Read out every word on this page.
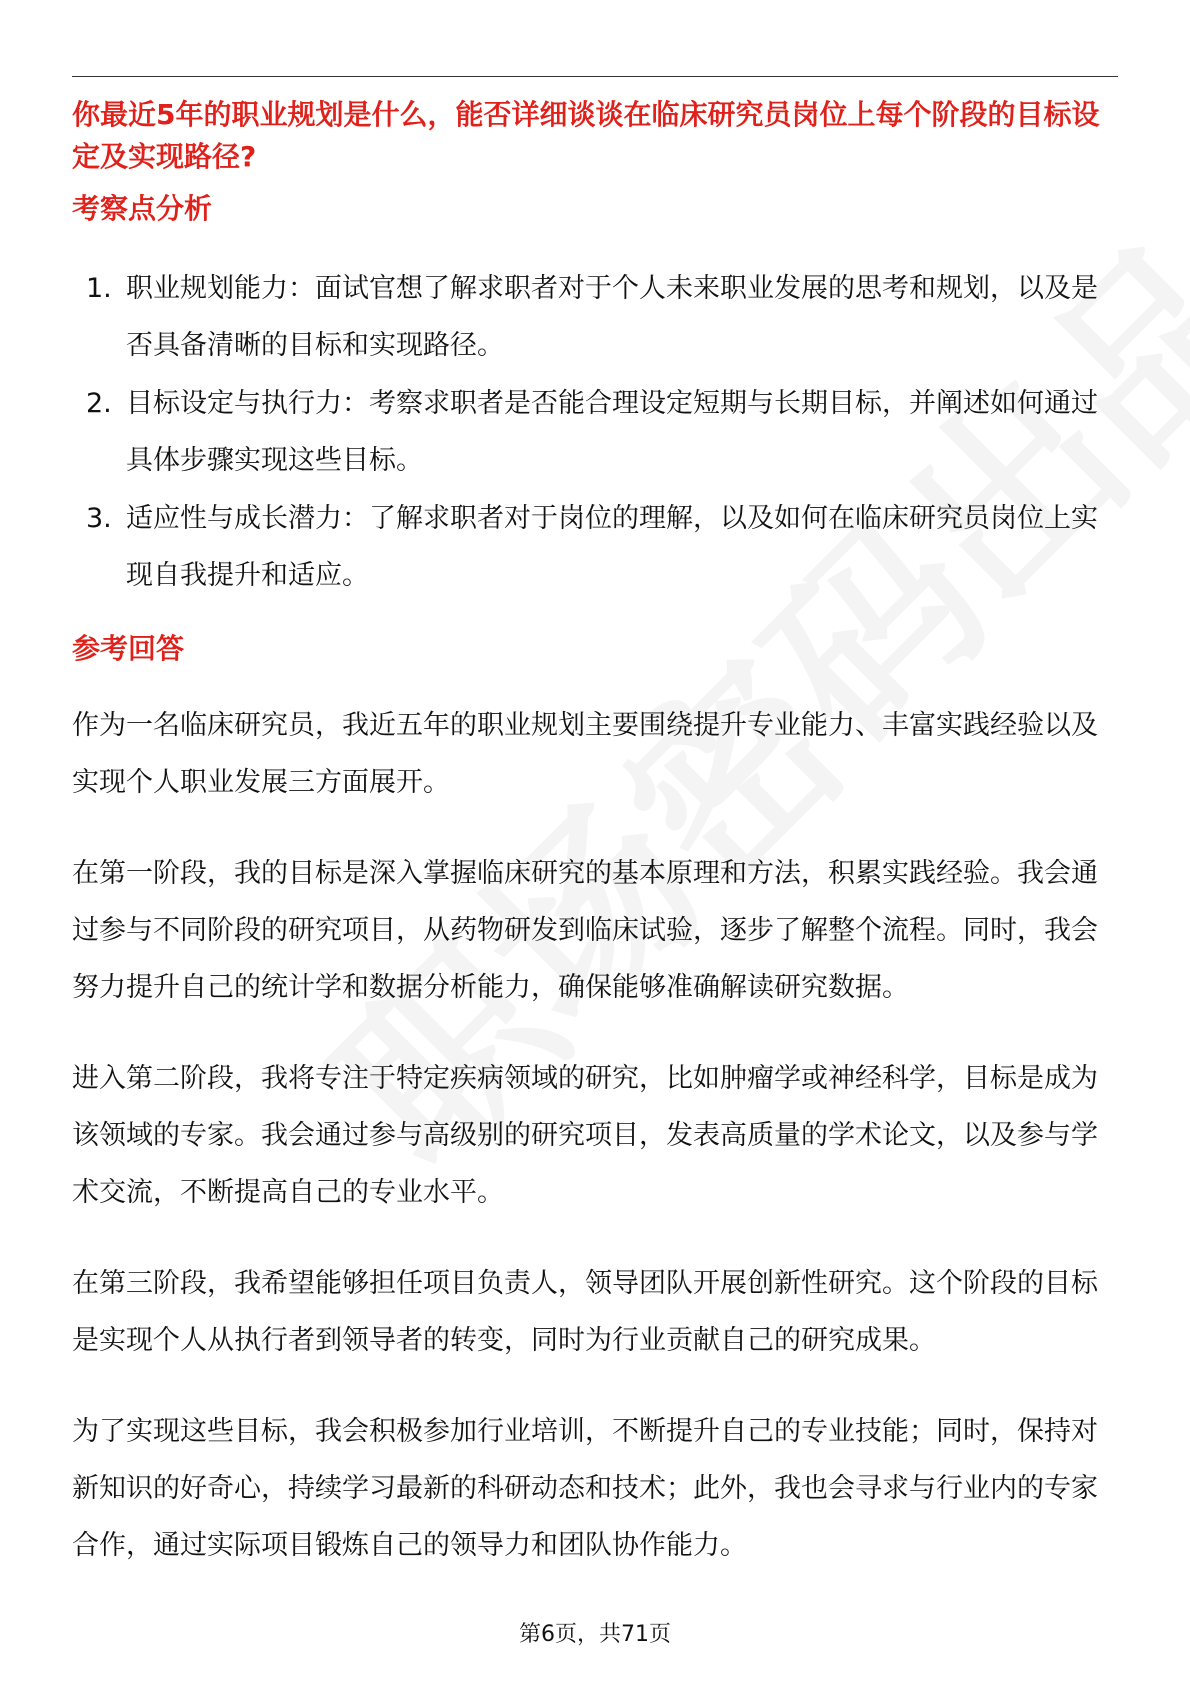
你最近5年的职业规划是什么，能否详细谈谈在临床研究员岗位上每个阶段的目标设定及实现路径?
考察点分析
1. 职业规划能力：面试官想了解求职者对于个人未来职业发展的思考和规划，以及是否具备清晰的目标和实现路径。
2. 目标设定与执行力：考察求职者是否能合理设定短期与长期目标，并阐述如何通过具体步骤实现这些目标。
3. 适应性与成长潜力：了解求职者对于岗位的理解，以及如何在临床研究员岗位上实现自我提升和适应。
参考回答

作为一名临床研究员，我近五年的职业规划主要围绕提升专业能力、丰富实践经验以及实现个人职业发展三方面展开。

在第一阶段，我的目标是深入掌握临床研究的基本原理和方法，积累实践经验。我会通过参与不同阶段的研究项目，从药物研发到临床试验，逐步了解整个流程。同时，我会努力提升自己的统计学和数据分析能力，确保能够准确解读研究数据。

进入第二阶段，我将专注于特定疾病领域的研究，比如肿瘤学或神经科学，目标是成为该领域的专家。我会通过参与高级别的研究项目，发表高质量的学术论文，以及参与学术交流，不断提高自己的专业水平。

在第三阶段，我希望能够担任项目负责人，领导团队开展创新性研究。这个阶段的目标是实现个人从执行者到领导者的转变，同时为行业贡献自己的研究成果。

为了实现这些目标，我会积极参加行业培训，不断提升自己的专业技能；同时，保持对新知识的好奇心，持续学习最新的科研动态和技术；此外，我也会寻求与行业内的专家合作，通过实际项目锻炼自己的领导力和团队协作能力。

第6页，共71页
